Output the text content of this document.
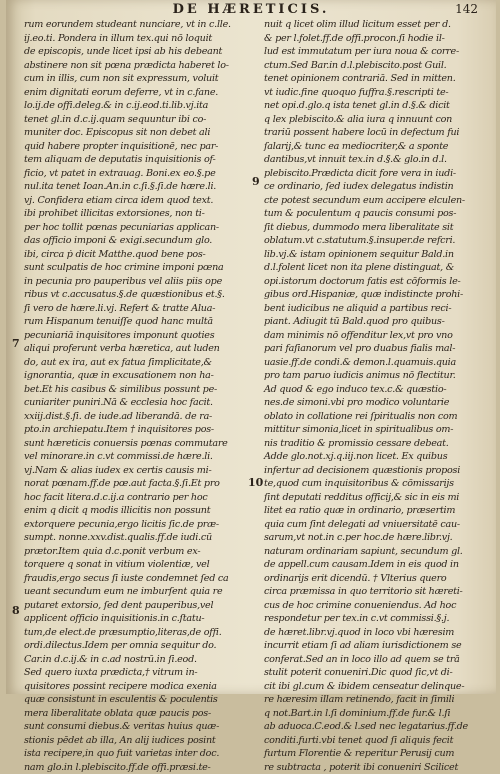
DE HÆRETICIS.	142
7
8
9
10
rum eorundem studeant nunciare, vt in c.lle.
ij.eo.ti. Pondera in illum tex.qui nō loquit
de episcopis, unde licet ipsi ab his debeant
abstinere non sit pœna prædicta haberet lo-
cum in illis, cum non sit expressum, voluit
enim dignitati eorum deferre, vt in c.fane.
lo.ij.de offi.deleg.& in c.ij.eod.ti.lib.vj.ita
tenet gl.in d.c.ij.quam sequuntur ibi co-
muniter doc. Episcopus sit non debet ali
quid habere propter inquisitionē, nec par-
tem aliquam de deputatis inquisitionis of-
ficio, vt patet in extrauag. Boni.ex eo.§.pe
nul.ita tenet Ioan.An.in c.ſi.§.ſi.de hære.li.
vj. Confidera etiam circa idem quod text.
ibi prohibet illicitas extorsiones, non ti-
per hoc tollit pœnas pecuniarias applican-
das officio imponi & exigi.secundum glo.
ibi, circa ṗ dicit Matthe.quod bene pos-
sunt sculpatis de hoc crimine imponi pœna
in pecunia pro pauperibus vel aliis piis ope
ribus vt c.accusatus.§.de quæstionibus et.§.
ſi vero de hære.li.vj. Refert & tratte Alua-
rum Hispanum tenuiſſe quod hanc multā
pecuniariā inquisitores imponunt quoties
aliqui proferunt verba hæretica, aut luden
do, aut ex ira, aut ex fatua ſimplicitate,&
ignorantia, quæ in excusationem non ha-
bet.Et his casibus & similibus possunt pe-
cuniariter puniri.Nā & ecclesia hoc facit.
xxiij.dist.§.ſi. de iude.ad liberandā. de ra-
pto.in archiepatu.Item † inquisitores pos-
sunt hæreticis conuersis pœnas commutare
vel minorare.in c.vt commissi.de hære.li.
vj.Nam & alias iudex ex certis causis mi-
norat pœnam.ff.de pœ.aut facta.§.ſi.Et pro
hoc facit litera.d.c.ij.a contrario per hoc
enim q dicit q modis illicitis non possunt
extorquere pecunia,ergo licitis ſic.de præ-
sumpt. nonne.xxv.dist.qualis.ff.de iudi.cū
prætor.Item quia d.c.ponit verbum ex-
torquere q sonat in vitium violentiæ, vel
fraudis,ergo secus ſi iuste condemnet ſed ca
ueant secundum eum ne imburſent quia re
putaret extorsio, ſed dent pauperibus,vel
applicent officio inquisitionis.in c.ſtatu-
tum,de elect.de præsumptio,literas,de offi.
ordi.dilectus.Idem per omnia sequitur do.
Car.in d.c.ij.& in c.ad nostrū.in ſi.eod.
Sed quero iuxta prædicta,† vitrum in-
quisitores possint recipere modica exenia
quæ consistunt in esculentis & poculentis
mera liberalitate oblata quæ paucis pos-
sunt consumi diebus.& veritas huius quæ-
stionis pēdet ab illa, An alij iudices posint
ista recipere,in quo fuit varietas inter doc.
nam glo.in l.plebiscito.ff.de offi.præsi.te-
nuit q licet olim illud licitum esset per d.
& per l.folet.ff.de offi.procon.ſi hodie il-
lud est immutatum per iura noua & corre-
ctum.Sed Bar.in d.l.plebiscito.post Guil.
tenet opinionem contrariā. Sed in mitten.
vt iudic.fine quoquo fuffra.§.rescripti te-
net opi.d.glo.q ista tenet gl.in d.§.& dicit
q lex plebiscito.& alia iura q innuunt con
trariū possent habere locū in defectum fui
ſalarij,& tunc ea mediocriter,& a sponte
dantibus,vt innuit tex.in d.§.& glo.in d.l.
plebiscito.Prædicta dicit fore vera in iudi-
ce ordinario, ſed iudex delegatus indistin
cte potest secundum eum accipere elculen-
tum & poculentum q paucis consumi pos-
ſit diebus, dummodo mera liberalitate sit
oblatum.vt c.statutum.§.insuper.de refcri.
lib.vj.& istam opinionem sequitur Bald.in
d.l.folent licet non ita plene distinguat, &
opi.istorum doctorum fatis est cōformis le-
gibus ord.Hispaniæ, quæ indistincte prohi-
bent iudicibus ne aliquid a partibus reci-
piant. Adiugit tū Bald.quod pro quibus-
dam minimis nō offenditur lex,vt pro vno
pari faſianorum vel pro duabus fialis mal-
uasie.ff.de condi.& demon.l.quamuis.quia
pro tam paruo iudicis animus nō flectitur.
Ad quod & ego induco tex.c.& quæstio-
nes.de simoni.vbi pro modico voluntarie
oblato in collatione rei ſpiritualis non com
mittitur simonia,licet in spiritualibus om-
nis traditio & promissio cessare debeat.
Adde glo.not.xj.q.iij.non licet. Ex quibus
infertur ad decisionem quæstionis proposi
te,quod cum inquisitoribus & cōmissarijs
ſint deputati redditus officij,& sic in eis mi
litet ea ratio quæ in ordinario, præsertim
quia cum ſint delegati ad vniuersitatē cau-
sarum,vt not.in c.per hoc.de hære.libr.vj.
naturam ordinariam sapiunt, secundum gl.
de appell.cum causam.Idem in eis quod in
ordinarijs erit dicendū. † Vlterius quero
circa præmissa in quo territorio sit hæreti-
cus de hoc crimine conueniendus. Ad hoc
respondetur per tex.in c.vt commissi.§.j.
de hæret.libr.vj.quod in loco vbi hæresim
incurrit etiam ſi ad aliam iurisdictionem se
conferat.Sed an in loco illo ad quem se trā
stulit poterit conueniri.Dic quod ſic,vt di-
cit ibi gl.cum & ibidem censeatur delinque-
re hæresim illam retinendo, facit in ſimili
q not.Bart.in l.ſi dominium.ff.de fur.& l.ſi
ab aduoca.C.eod.& l.sed nec legatarius.ff.de
conditi.furti.vbi tenet quod ſi aliquis fecit
furtum Florentie & reperitur Perusij cum
re subtracta , poterit ibi conueniri Scilicet
